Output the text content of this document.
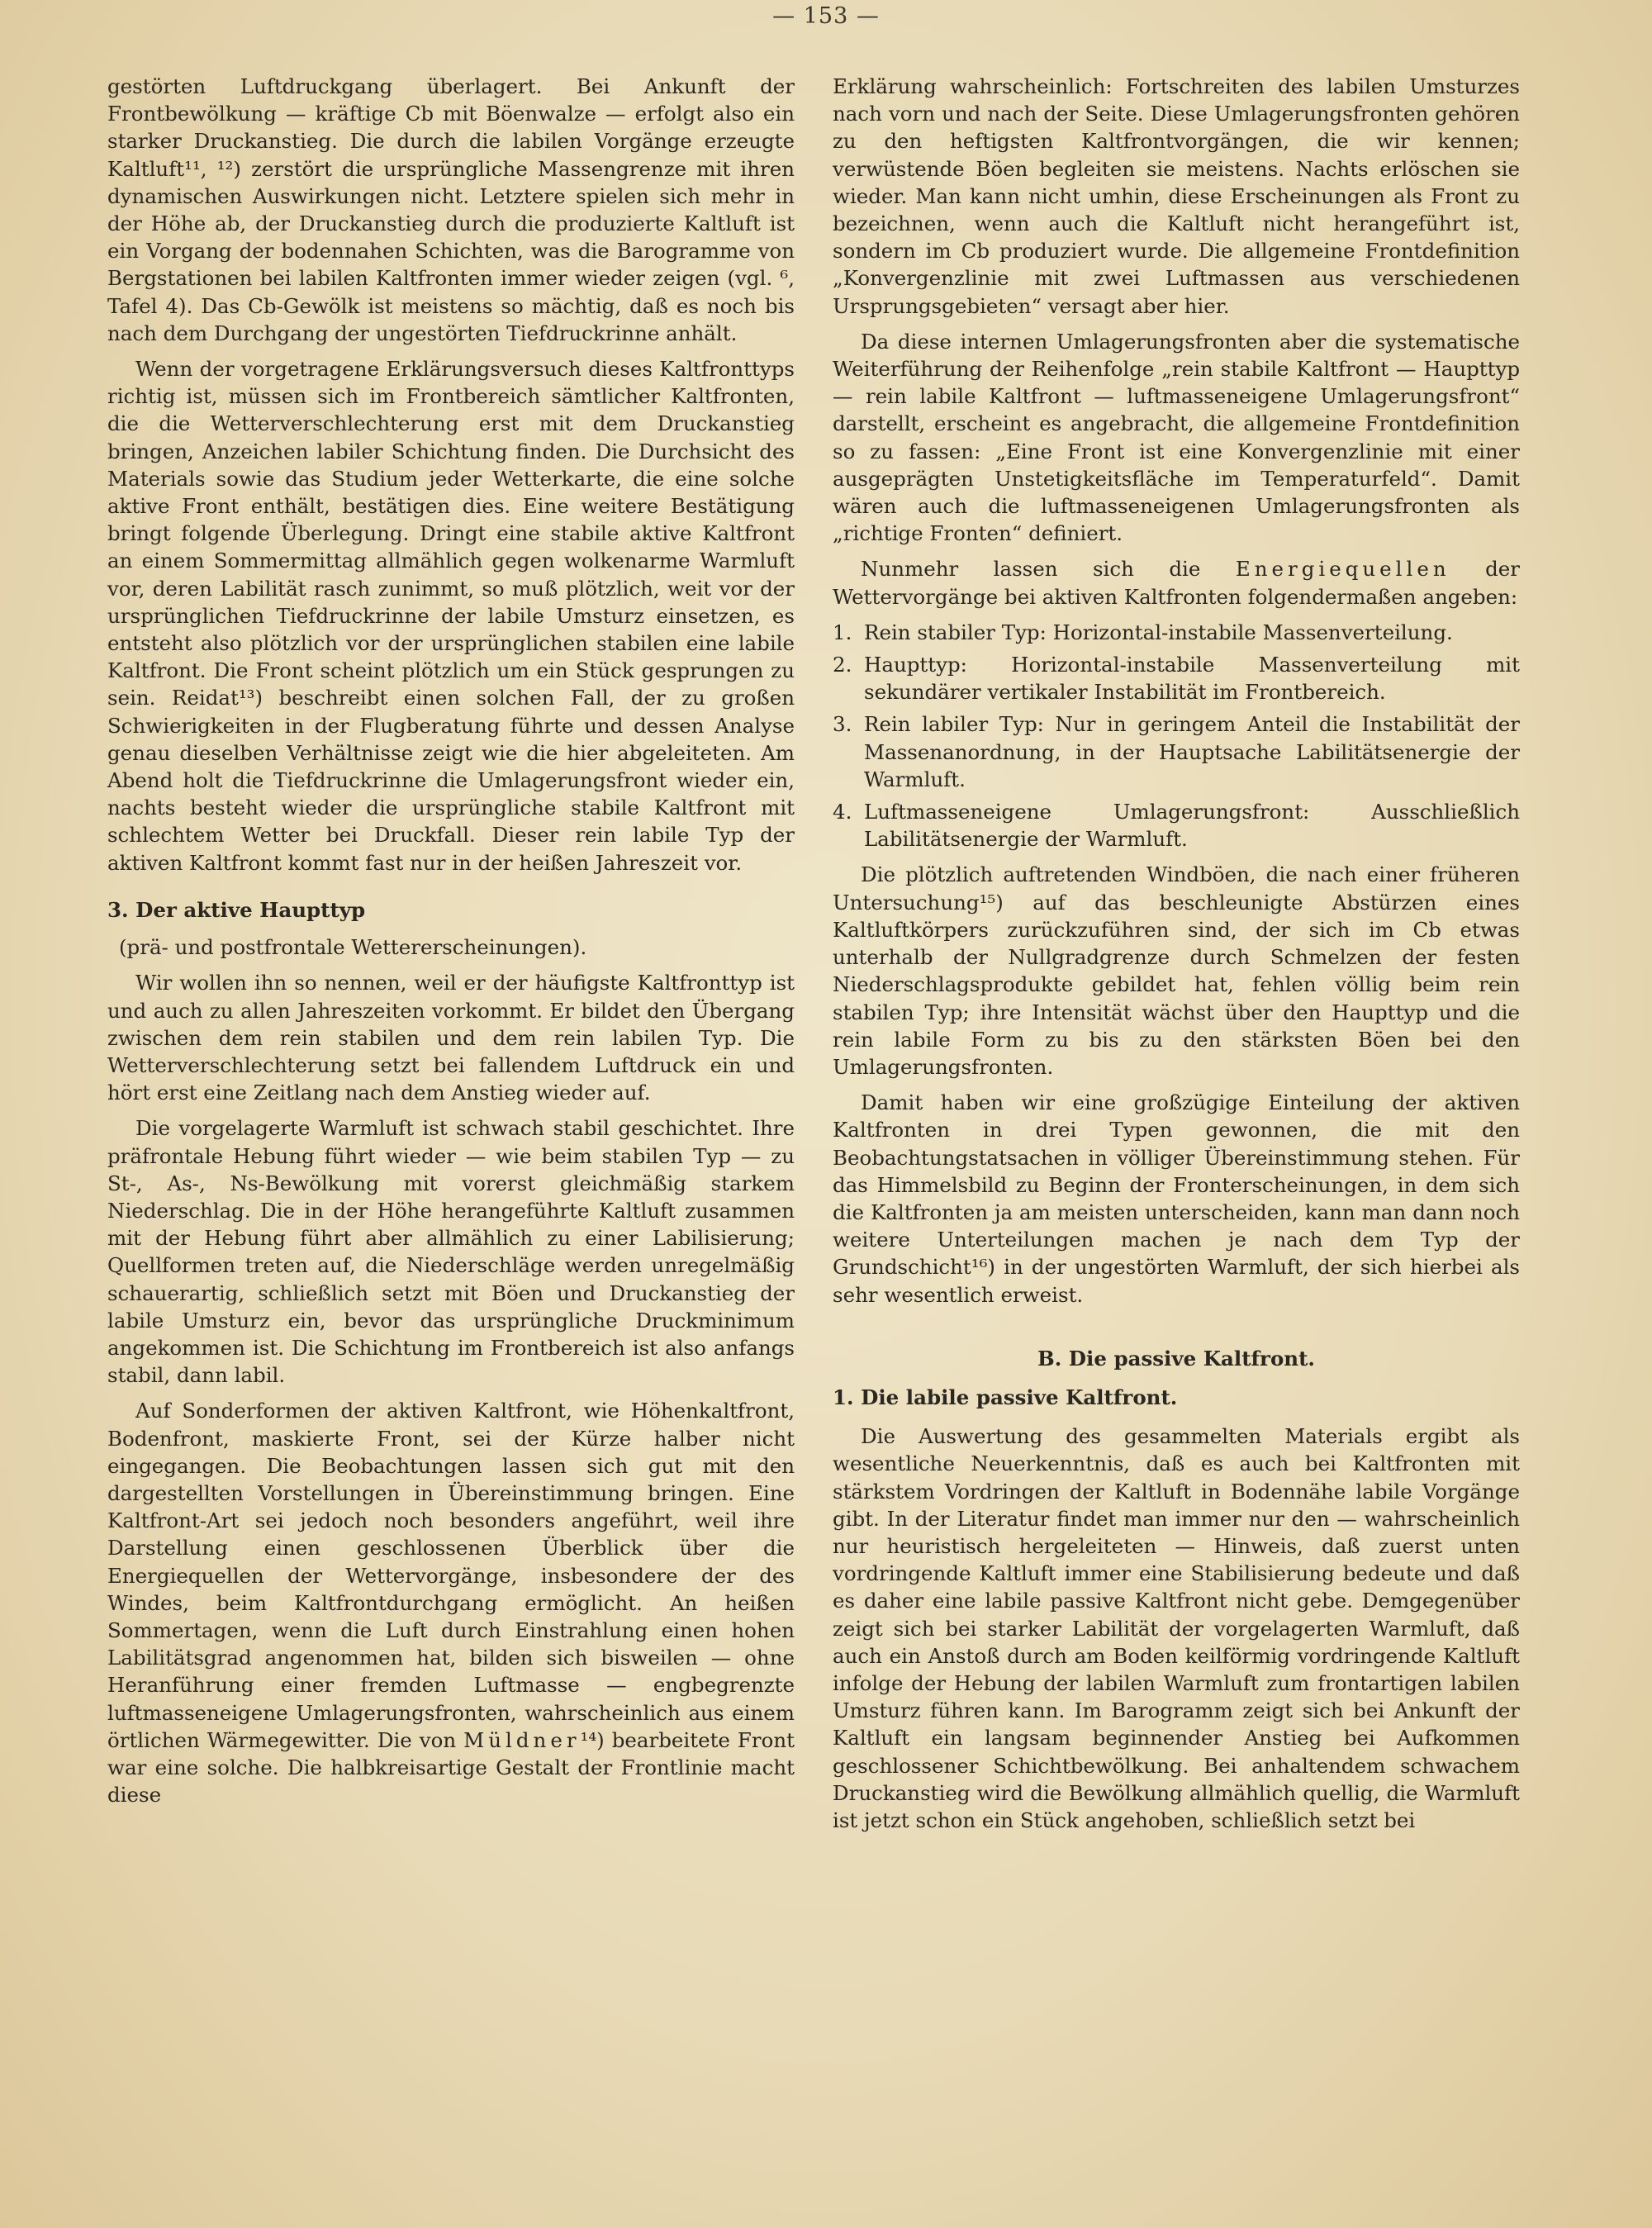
— 153 —

gestörten Luftdruckgang überlagert. Bei Ankunft der Frontbewölkung — kräftige Cb mit Böenwalze — erfolgt also ein starker Druckanstieg. Die durch die labilen Vorgänge erzeugte Kaltluft¹¹, ¹²) zerstört die ursprüngliche Massengrenze mit ihren dynamischen Auswirkungen nicht. Letztere spielen sich mehr in der Höhe ab, der Druckanstieg durch die produzierte Kaltluft ist ein Vorgang der bodennahen Schichten, was die Barogramme von Bergstationen bei labilen Kaltfronten immer wieder zeigen (vgl. ⁶, Tafel 4). Das Cb-Gewölk ist meistens so mächtig, daß es noch bis nach dem Durchgang der ungestörten Tiefdruckrinne anhält.

Wenn der vorgetragene Erklärungsversuch dieses Kaltfronttyps richtig ist, müssen sich im Frontbereich sämtlicher Kaltfronten, die die Wetterverschlechterung erst mit dem Druckanstieg bringen, Anzeichen labiler Schichtung finden. Die Durchsicht des Materials sowie das Studium jeder Wetterkarte, die eine solche aktive Front enthält, bestätigen dies. Eine weitere Bestätigung bringt folgende Überlegung. Dringt eine stabile aktive Kaltfront an einem Sommermittag allmählich gegen wolkenarme Warmluft vor, deren Labilität rasch zunimmt, so muß plötzlich, weit vor der ursprünglichen Tiefdruckrinne der labile Umsturz einsetzen, es entsteht also plötzlich vor der ursprünglichen stabilen eine labile Kaltfront. Die Front scheint plötzlich um ein Stück gesprungen zu sein. Reidat¹³) beschreibt einen solchen Fall, der zu großen Schwierigkeiten in der Flugberatung führte und dessen Analyse genau dieselben Verhältnisse zeigt wie die hier abgeleiteten. Am Abend holt die Tiefdruckrinne die Umlagerungsfront wieder ein, nachts besteht wieder die ursprüngliche stabile Kaltfront mit schlechtem Wetter bei Druckfall. Dieser rein labile Typ der aktiven Kaltfront kommt fast nur in der heißen Jahreszeit vor.

3. Der aktive Haupttyp

(prä- und postfrontale Wettererscheinungen).

Wir wollen ihn so nennen, weil er der häufigste Kaltfronttyp ist und auch zu allen Jahreszeiten vorkommt. Er bildet den Übergang zwischen dem rein stabilen und dem rein labilen Typ. Die Wetterverschlechterung setzt bei fallendem Luftdruck ein und hört erst eine Zeitlang nach dem Anstieg wieder auf.

Die vorgelagerte Warmluft ist schwach stabil geschichtet. Ihre präfrontale Hebung führt wieder — wie beim stabilen Typ — zu St-, As-, Ns-Bewölkung mit vorerst gleichmäßig starkem Niederschlag. Die in der Höhe herangeführte Kaltluft zusammen mit der Hebung führt aber allmählich zu einer Labilisierung; Quellformen treten auf, die Niederschläge werden unregelmäßig schauerartig, schließlich setzt mit Böen und Druckanstieg der labile Umsturz ein, bevor das ursprüngliche Druckminimum angekommen ist. Die Schichtung im Frontbereich ist also anfangs stabil, dann labil.

Auf Sonderformen der aktiven Kaltfront, wie Höhenkaltfront, Bodenfront, maskierte Front, sei der Kürze halber nicht eingegangen. Die Beobachtungen lassen sich gut mit den dargestellten Vorstellungen in Übereinstimmung bringen. Eine Kaltfront-Art sei jedoch noch besonders angeführt, weil ihre Darstellung einen geschlossenen Überblick über die Energiequellen der Wettervorgänge, insbesondere der des Windes, beim Kaltfrontdurchgang ermöglicht. An heißen Sommertagen, wenn die Luft durch Einstrahlung einen hohen Labilitätsgrad angenommen hat, bilden sich bisweilen — ohne Heranführung einer fremden Luftmasse — engbegrenzte luftmasseneigene Umlagerungsfronten, wahrscheinlich aus einem örtlichen Wärmegewitter. Die von Müldner¹⁴) bearbeitete Front war eine solche. Die halbkreisartige Gestalt der Frontlinie macht diese

Erklärung wahrscheinlich: Fortschreiten des labilen Umsturzes nach vorn und nach der Seite. Diese Umlagerungsfronten gehören zu den heftigsten Kaltfrontvorgängen, die wir kennen; verwüstende Böen begleiten sie meistens. Nachts erlöschen sie wieder. Man kann nicht umhin, diese Erscheinungen als Front zu bezeichnen, wenn auch die Kaltluft nicht herangeführt ist, sondern im Cb produziert wurde. Die allgemeine Frontdefinition „Konvergenzlinie mit zwei Luftmassen aus verschiedenen Ursprungsgebieten“ versagt aber hier.

Da diese internen Umlagerungsfronten aber die systematische Weiterführung der Reihenfolge „rein stabile Kaltfront — Haupttyp — rein labile Kaltfront — luftmasseneigene Umlagerungsfront“ darstellt, erscheint es angebracht, die allgemeine Frontdefinition so zu fassen: „Eine Front ist eine Konvergenzlinie mit einer ausgeprägten Unstetigkeitsfläche im Temperaturfeld“. Damit wären auch die luftmasseneigenen Umlagerungsfronten als „richtige Fronten“ definiert.

Nunmehr lassen sich die Energiequellen der Wettervorgänge bei aktiven Kaltfronten folgendermaßen angeben:

1. Rein stabiler Typ: Horizontal-instabile Massenverteilung.
2. Haupttyp: Horizontal-instabile Massenverteilung mit sekundärer vertikaler Instabilität im Frontbereich.
3. Rein labiler Typ: Nur in geringem Anteil die Instabilität der Massenanordnung, in der Hauptsache Labilitätsenergie der Warmluft.
4. Luftmasseneigene Umlagerungsfront: Ausschließlich Labilitätsenergie der Warmluft.

Die plötzlich auftretenden Windböen, die nach einer früheren Untersuchung¹⁵) auf das beschleunigte Abstürzen eines Kaltluftkörpers zurückzuführen sind, der sich im Cb etwas unterhalb der Nullgradgrenze durch Schmelzen der festen Niederschlagsprodukte gebildet hat, fehlen völlig beim rein stabilen Typ; ihre Intensität wächst über den Haupttyp und die rein labile Form zu bis zu den stärksten Böen bei den Umlagerungsfronten.

Damit haben wir eine großzügige Einteilung der aktiven Kaltfronten in drei Typen gewonnen, die mit den Beobachtungstatsachen in völliger Übereinstimmung stehen. Für das Himmelsbild zu Beginn der Fronterscheinungen, in dem sich die Kaltfronten ja am meisten unterscheiden, kann man dann noch weitere Unterteilungen machen je nach dem Typ der Grundschicht¹⁶) in der ungestörten Warmluft, der sich hierbei als sehr wesentlich erweist.

B. Die passive Kaltfront.

1. Die labile passive Kaltfront.

Die Auswertung des gesammelten Materials ergibt als wesentliche Neuerkenntnis, daß es auch bei Kaltfronten mit stärkstem Vordringen der Kaltluft in Bodennähe labile Vorgänge gibt. In der Literatur findet man immer nur den — wahrscheinlich nur heuristisch hergeleiteten — Hinweis, daß zuerst unten vordringende Kaltluft immer eine Stabilisierung bedeute und daß es daher eine labile passive Kaltfront nicht gebe. Demgegenüber zeigt sich bei starker Labilität der vorgelagerten Warmluft, daß auch ein Anstoß durch am Boden keilförmig vordringende Kaltluft infolge der Hebung der labilen Warmluft zum frontartigen labilen Umsturz führen kann. Im Barogramm zeigt sich bei Ankunft der Kaltluft ein langsam beginnender Anstieg bei Aufkommen geschlossener Schichtbewölkung. Bei anhaltendem schwachem Druckanstieg wird die Bewölkung allmählich quellig, die Warmluft ist jetzt schon ein Stück angehoben, schließlich setzt bei
